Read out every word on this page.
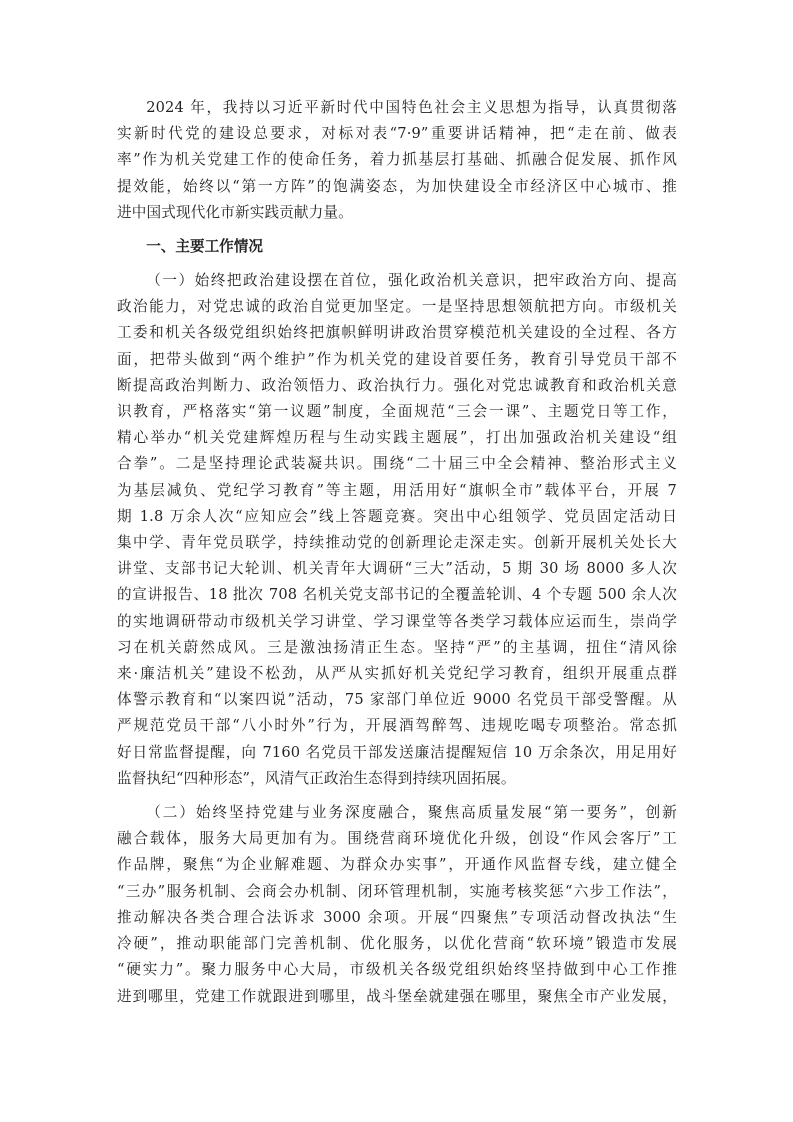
2024 年，我持以习近平新时代中国特色社会主义思想为指导，认真贯彻落
实新时代党的建设总要求，对标对表“7·9”重要讲话精神，把“走在前、做表
率”作为机关党建工作的使命任务，着力抓基层打基础、抓融合促发展、抓作风
提效能，始终以“第一方阵”的饱满姿态，为加快建设全市经济区中心城市、推
进中国式现代化市新实践贡献力量。
一、主要工作情况
（一）始终把政治建设摆在首位，强化政治机关意识，把牢政治方向、提高
政治能力，对党忠诚的政治自觉更加坚定。一是坚持思想领航把方向。市级机关
工委和机关各级党组织始终把旗帜鲜明讲政治贯穿模范机关建设的全过程、各方
面，把带头做到“两个维护”作为机关党的建设首要任务，教育引导党员干部不
断提高政治判断力、政治领悟力、政治执行力。强化对党忠诚教育和政治机关意
识教育，严格落实“第一议题”制度，全面规范“三会一课”、主题党日等工作，
精心举办“机关党建辉煌历程与生动实践主题展”，打出加强政治机关建设“组
合拳”。二是坚持理论武装凝共识。围绕“二十届三中全会精神、整治形式主义
为基层减负、党纪学习教育”等主题，用活用好“旗帜全市”载体平台，开展 7
期 1.8 万余人次“应知应会”线上答题竞赛。突出中心组领学、党员固定活动日
集中学、青年党员联学，持续推动党的创新理论走深走实。创新开展机关处长大
讲堂、支部书记大轮训、机关青年大调研“三大”活动，5 期 30 场 8000 多人次
的宣讲报告、18 批次 708 名机关党支部书记的全覆盖轮训、4 个专题 500 余人次
的实地调研带动市级机关学习讲堂、学习课堂等各类学习载体应运而生，崇尚学
习在机关蔚然成风。三是激浊扬清正生态。坚持“严”的主基调，扭住“清风徐
来·廉洁机关”建设不松劲，从严从实抓好机关党纪学习教育，组织开展重点群
体警示教育和“以案四说”活动，75 家部门单位近 9000 名党员干部受警醒。从
严规范党员干部“八小时外”行为，开展酒驾醉驾、违规吃喝专项整治。常态抓
好日常监督提醒，向 7160 名党员干部发送廉洁提醒短信 10 万余条次，用足用好
监督执纪“四种形态”，风清气正政治生态得到持续巩固拓展。
（二）始终坚持党建与业务深度融合，聚焦高质量发展“第一要务”，创新
融合载体，服务大局更加有为。围绕营商环境优化升级，创设“作风会客厅”工
作品牌，聚焦“为企业解难题、为群众办实事”，开通作风监督专线，建立健全
“三办”服务机制、会商会办机制、闭环管理机制，实施考核奖惩“六步工作法”，
推动解决各类合理合法诉求 3000 余项。开展“四聚焦”专项活动督改执法“生
冷硬”，推动职能部门完善机制、优化服务，以优化营商“软环境”锻造市发展
“硬实力”。聚力服务中心大局，市级机关各级党组织始终坚持做到中心工作推
进到哪里，党建工作就跟进到哪里，战斗堡垒就建强在哪里，聚焦全市产业发展，
